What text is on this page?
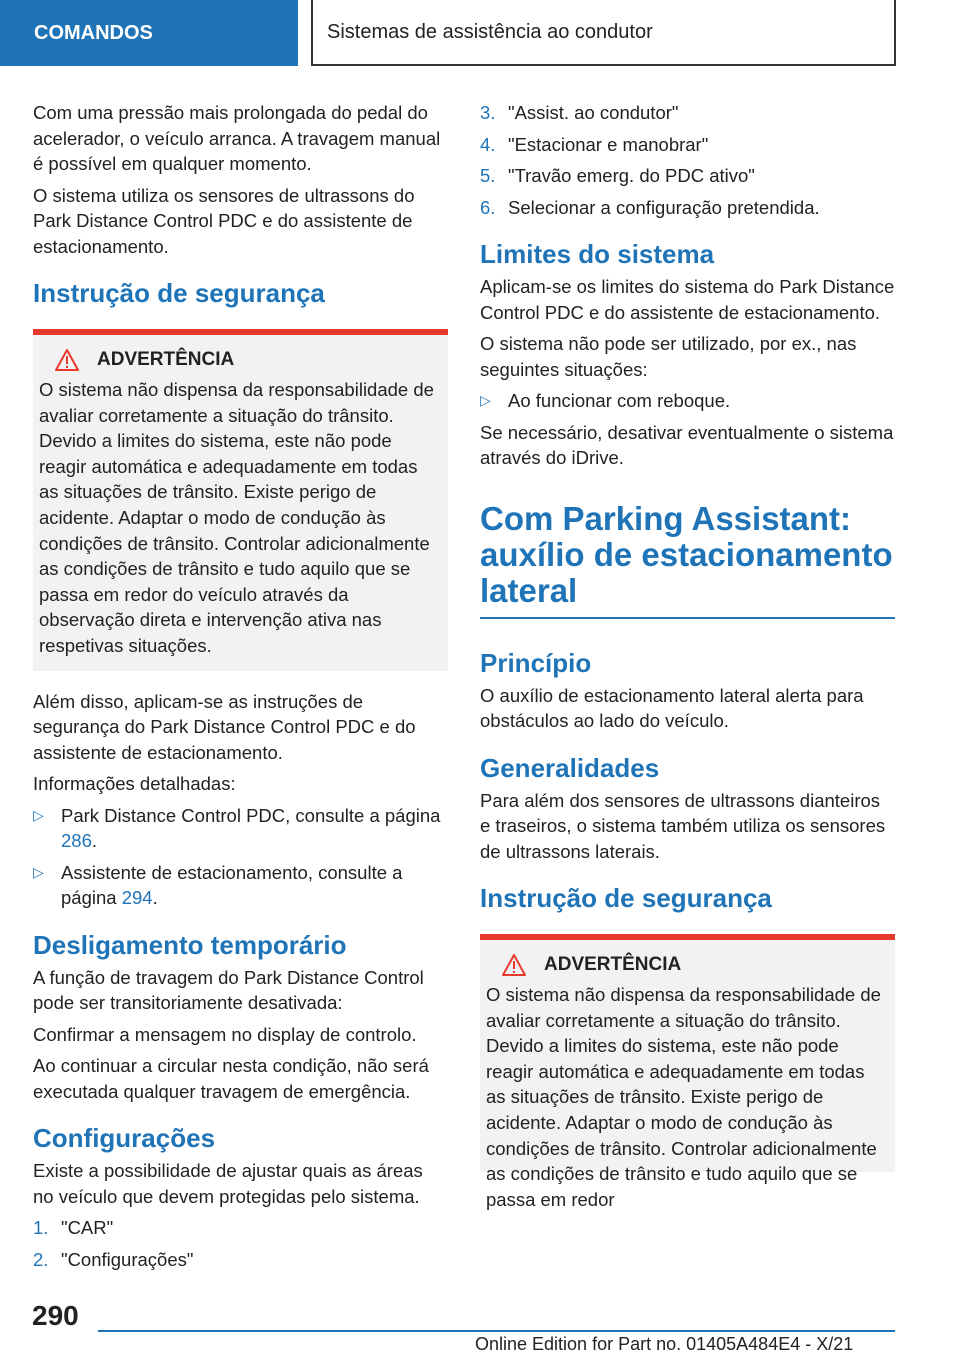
COMANDOS	Sistemas de assistência ao condutor

Com uma pressão mais prolongada do pedal do acelerador, o veículo arranca. A travagem manual é possível em qualquer momento.

O sistema utiliza os sensores de ultrassons do Park Distance Control PDC e do assistente de estacionamento.

Instrução de segurança
ADVERTÊNCIA

O sistema não dispensa da responsabilidade de avaliar corretamente a situação do trânsito. Devido a limites do sistema, este não pode reagir automática e adequadamente em todas as situações de trânsito. Existe perigo de acidente. Adaptar o modo de condução às condições de trânsito. Controlar adicionalmente as condições de trânsito e tudo aquilo que se passa em redor do veículo através da observação direta e intervenção ativa nas respetivas situações.

Além disso, aplicam-se as instruções de segurança do Park Distance Control PDC e do assistente de estacionamento.

Informações detalhadas:

▷ Park Distance Control PDC, consulte a página 286.
▷ Assistente de estacionamento, consulte a página 294.
Desligamento temporário

A função de travagem do Park Distance Control pode ser transitoriamente desativada:

Confirmar a mensagem no display de controlo.

Ao continuar a circular nesta condição, não será executada qualquer travagem de emergência.

Configurações

Existe a possibilidade de ajustar quais as áreas no veículo que devem protegidas pelo sistema.

1. "CAR"
2. "Configurações"
3. "Assist. ao condutor"
4. "Estacionar e manobrar"
5. "Travão emerg. do PDC ativo"
6. Selecionar a configuração pretendida.
Limites do sistema

Aplicam-se os limites do sistema do Park Distance Control PDC e do assistente de estacionamento.

O sistema não pode ser utilizado, por ex., nas seguintes situações:

▷ Ao funcionar com reboque.

Se necessário, desativar eventualmente o sistema através do iDrive.

Com Parking Assistant: auxílio de estacionamento lateral
Princípio

O auxílio de estacionamento lateral alerta para obstáculos ao lado do veículo.

Generalidades

Para além dos sensores de ultrassons dianteiros e traseiros, o sistema também utiliza os sensores de ultrassons laterais.

Instrução de segurança
ADVERTÊNCIA

O sistema não dispensa da responsabilidade de avaliar corretamente a situação do trânsito. Devido a limites do sistema, este não pode reagir automática e adequadamente em todas as situações de trânsito. Existe perigo de acidente. Adaptar o modo de condução às condições de trânsito. Controlar adicionalmente as condições de trânsito e tudo aquilo que se passa em redor

290
Online Edition for Part no. 01405A484E4 - X/21
